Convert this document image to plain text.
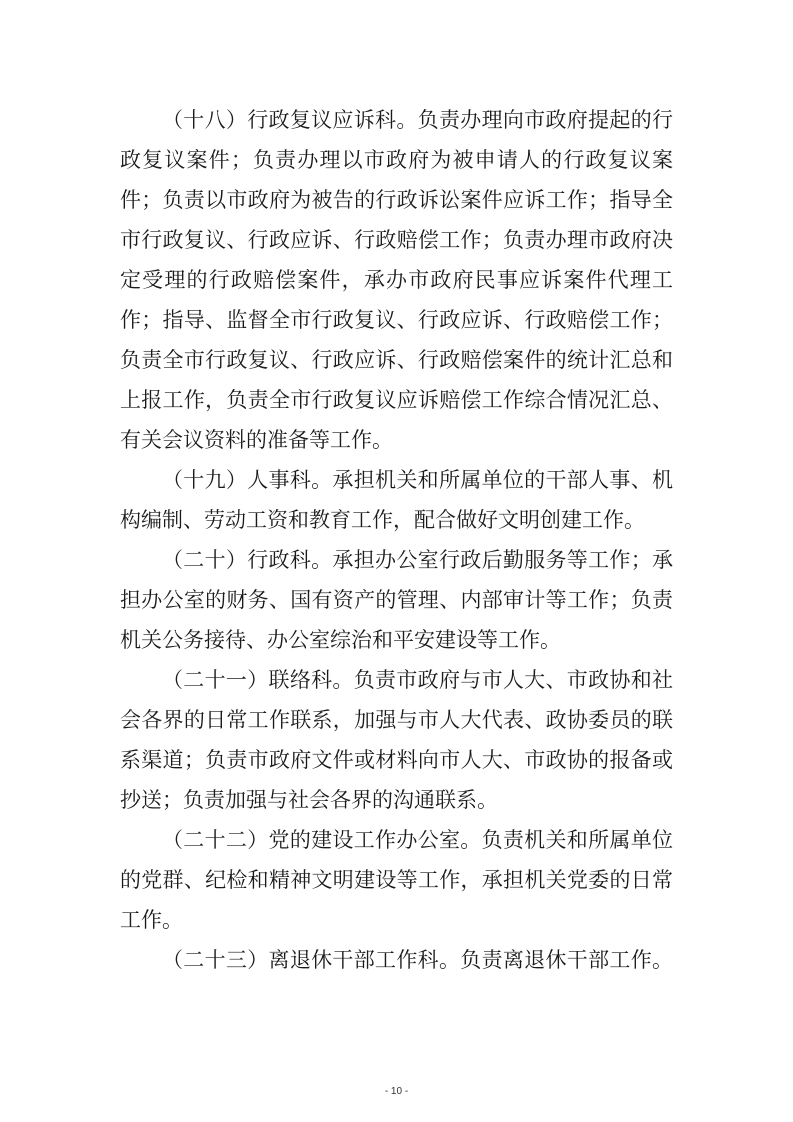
（十八）行政复议应诉科。负责办理向市政府提起的行
政复议案件；负责办理以市政府为被申请人的行政复议案
件；负责以市政府为被告的行政诉讼案件应诉工作；指导全
市行政复议、行政应诉、行政赔偿工作；负责办理市政府决
定受理的行政赔偿案件，承办市政府民事应诉案件代理工
作；指导、监督全市行政复议、行政应诉、行政赔偿工作；
负责全市行政复议、行政应诉、行政赔偿案件的统计汇总和
上报工作，负责全市行政复议应诉赔偿工作综合情况汇总、
有关会议资料的准备等工作。
（十九）人事科。承担机关和所属单位的干部人事、机
构编制、劳动工资和教育工作，配合做好文明创建工作。
（二十）行政科。承担办公室行政后勤服务等工作；承
担办公室的财务、国有资产的管理、内部审计等工作；负责
机关公务接待、办公室综治和平安建设等工作。
（二十一）联络科。负责市政府与市人大、市政协和社
会各界的日常工作联系，加强与市人大代表、政协委员的联
系渠道；负责市政府文件或材料向市人大、市政协的报备或
抄送；负责加强与社会各界的沟通联系。
（二十二）党的建设工作办公室。负责机关和所属单位
的党群、纪检和精神文明建设等工作，承担机关党委的日常
工作。
（二十三）离退休干部工作科。负责离退休干部工作。
- 10 -
